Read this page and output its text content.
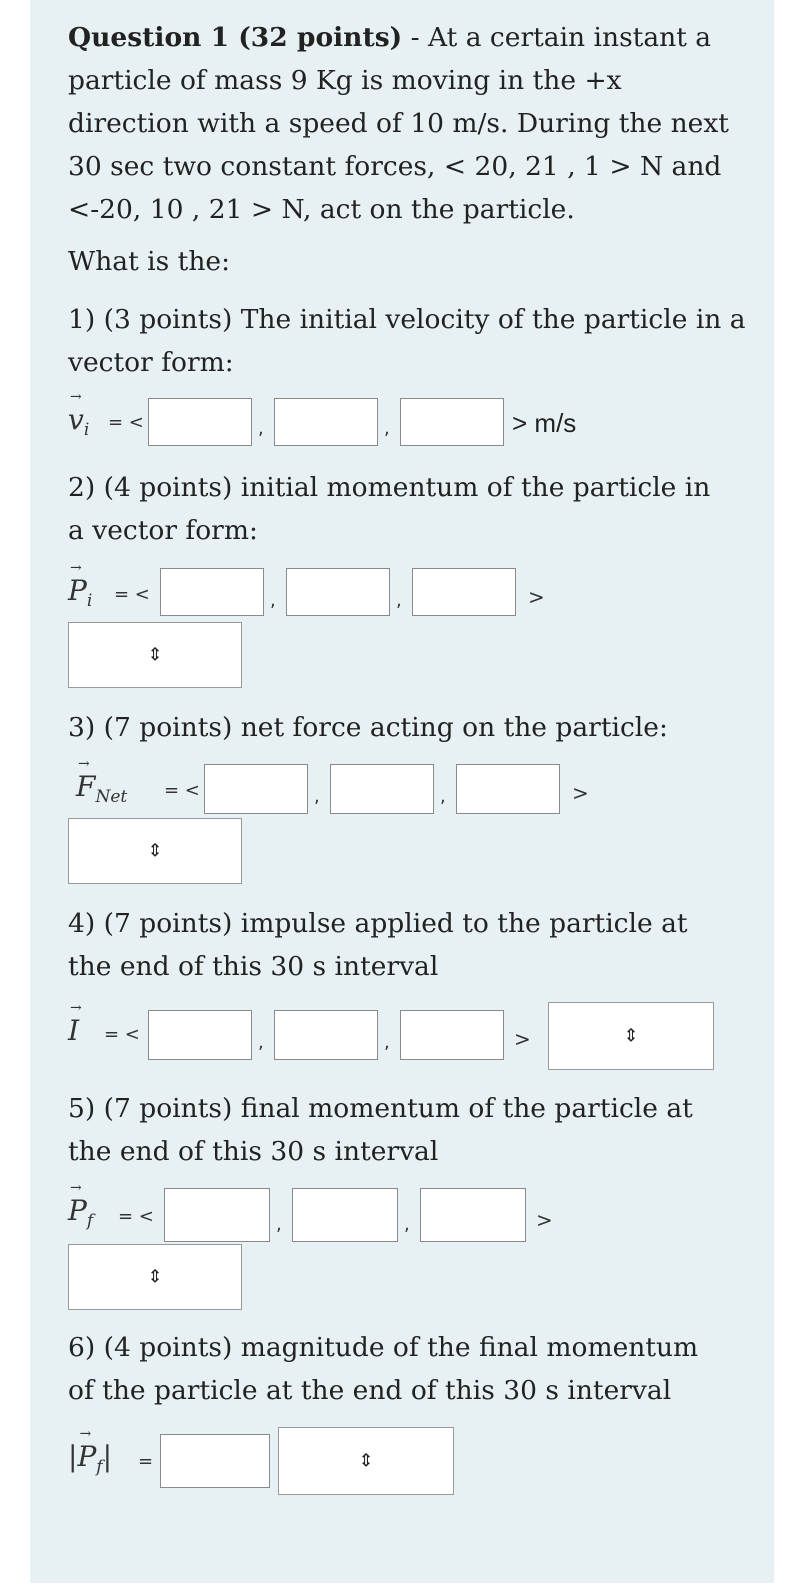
Question 1 (32 points) - At a certain instant a
particle of mass 9 Kg is moving in the +x
direction with a speed of 10 m/s. During the next
30 sec two constant forces, < 20, 21 , 1 > N and
<-20, 10 , 21 > N, act on the particle.
What is the:
1) (3 points) The initial velocity of the particle in a
vector form:
→
$v_i$ = <	,	,	> m/s
2) (4 points) initial momentum of the particle in
a vector form:
→
$P_i$ = <	,	,	>
⇕
3) (7 points) net force acting on the particle:
→
$F_{Net}$ = <	,	,	>
⇕
4) (7 points) impulse applied to the particle at
the end of this 30 s interval
→
I = <	,	,	>	⇕
5) (7 points) final momentum of the particle at
the end of this 30 s interval
→
$P_f$ = <	,	,	>
⇕
6) (4 points) magnitude of the final momentum
of the particle at the end of this 30 s interval
|
→
$P_f|$ =	⇕
